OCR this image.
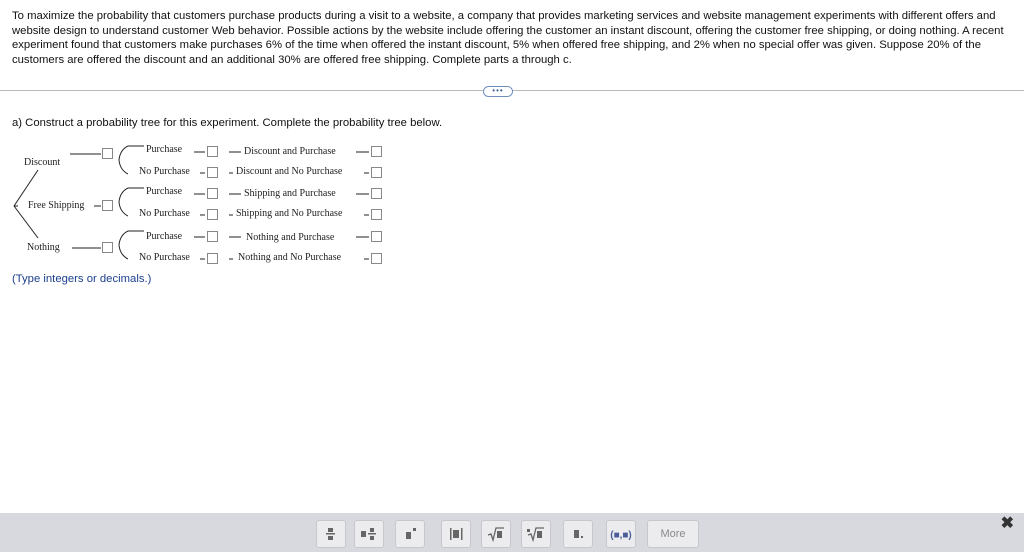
To maximize the probability that customers purchase products during a visit to a website, a company that provides marketing services and website management experiments with different offers and website design to understand customer Web behavior. Possible actions by the website include offering the customer an instant discount, offering the customer free shipping, or doing nothing. A recent experiment found that customers make purchases 6% of the time when offered the instant discount, 5% when offered free shipping, and 2% when no special offer was given. Suppose 20% of the customers are offered the discount and an additional 30% are offered free shipping. Complete parts a through c.

•••

a) Construct a probability tree for this experiment. Complete the probability tree below.

Discount
Free Shipping
Nothing
Purchase
No Purchase
Purchase
No Purchase
Purchase
No Purchase
Discount and Purchase
Discount and No Purchase
Shipping and Purchase
Shipping and No Purchase
Nothing and Purchase
Nothing and No Purchase

(Type integers or decimals.)

(■,■)	More
✖
